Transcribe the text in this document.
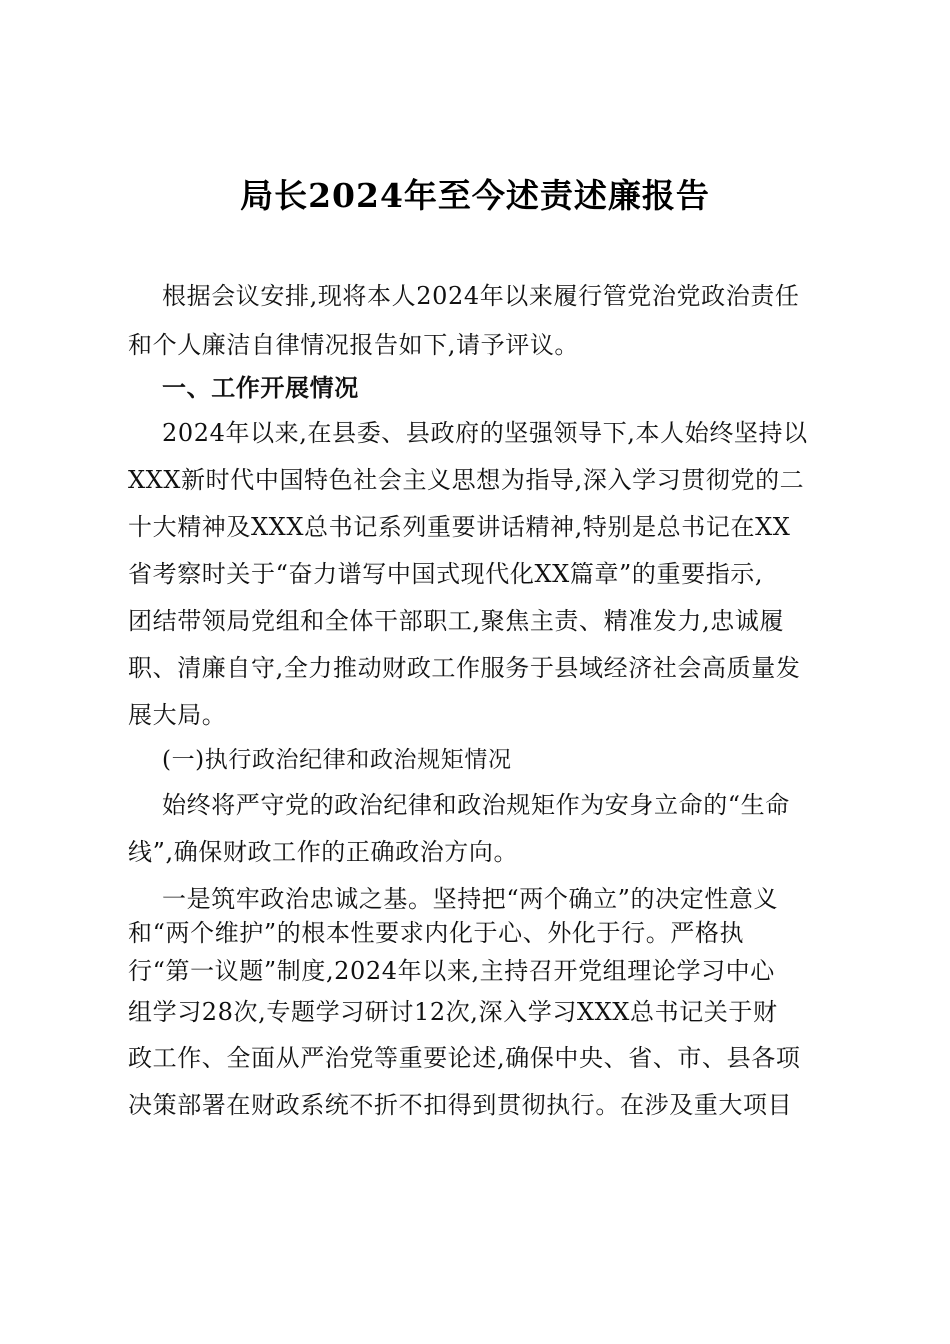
局长2024年至今述责述廉报告
根据会议安排,现将本人2024年以来履行管党治党政治责任
和个人廉洁自律情况报告如下,请予评议。
一、工作开展情况
2024年以来,在县委、县政府的坚强领导下,本人始终坚持以
XXX新时代中国特色社会主义思想为指导,深入学习贯彻党的二
十大精神及XXX总书记系列重要讲话精神,特别是总书记在XX
省考察时关于“奋力谱写中国式现代化XX篇章”的重要指示,
团结带领局党组和全体干部职工,聚焦主责、精准发力,忠诚履
职、清廉自守,全力推动财政工作服务于县域经济社会高质量发
展大局。
(一)执行政治纪律和政治规矩情况
始终将严守党的政治纪律和政治规矩作为安身立命的“生命
线”,确保财政工作的正确政治方向。
一是筑牢政治忠诚之基。坚持把“两个确立”的决定性意义
和“两个维护”的根本性要求内化于心、外化于行。严格执
行“第一议题”制度,2024年以来,主持召开党组理论学习中心
组学习28次,专题学习研讨12次,深入学习XXX总书记关于财
政工作、全面从严治党等重要论述,确保中央、省、市、县各项
决策部署在财政系统不折不扣得到贯彻执行。在涉及重大项目
